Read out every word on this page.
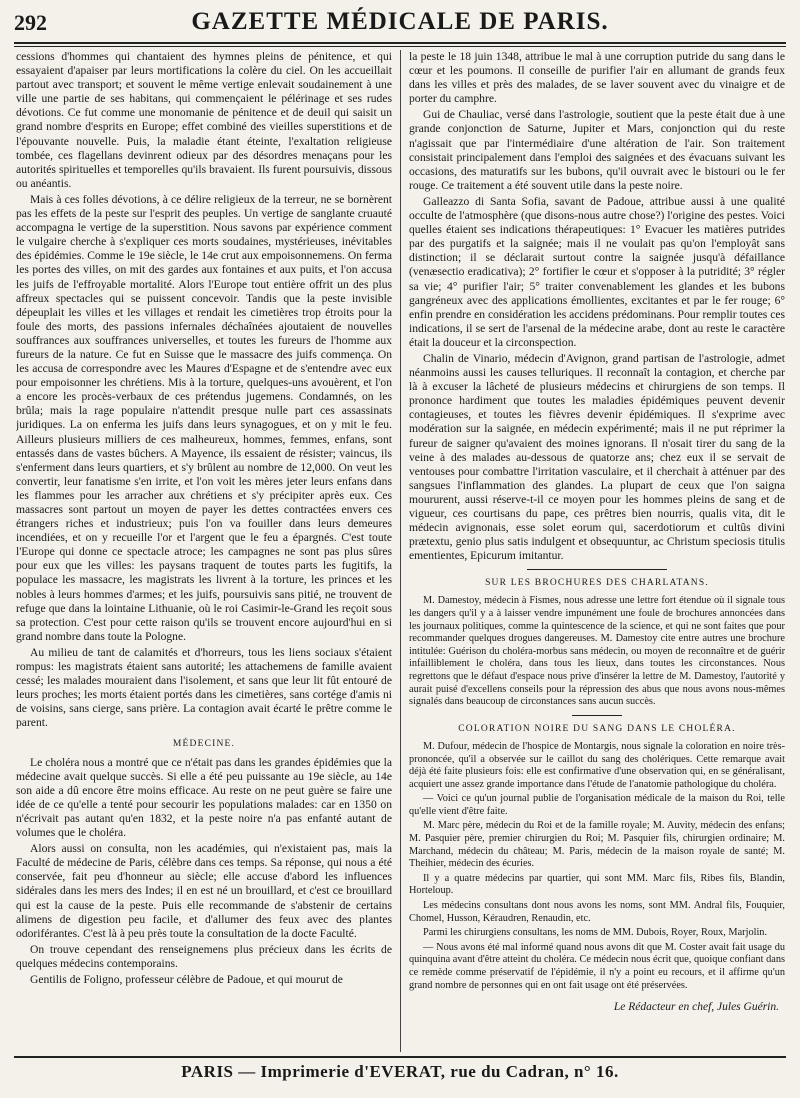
292	GAZETTE MÉDICALE DE PARIS.

cessions d'hommes qui chantaient des hymnes pleins de pénitence, et qui essayaient d'apaiser par leurs mortifications la colère du ciel. On les accueillait partout avec transport; et souvent le même vertige enlevait soudainement à une ville une partie de ses habitans, qui commençaient le pélérinage et ses rudes dévotions. Ce fut comme une monomanie de pénitence et de deuil qui saisit un grand nombre d'esprits en Europe; effet combiné des vieilles superstitions et de l'épouvante nouvelle. Puis, la maladie étant éteinte, l'exaltation religieuse tombée, ces flagellans devinrent odieux par des désordres menaçans pour les autorités spirituelles et temporelles qu'ils bravaient. Ils furent poursuivis, dissous ou anéantis.

Mais à ces folles dévotions, à ce délire religieux de la terreur, ne se bornèrent pas les effets de la peste sur l'esprit des peuples. Un vertige de sanglante cruauté accompagna le vertige de la superstition. Nous savons par expérience comment le vulgaire cherche à s'expliquer ces morts soudaines, mystérieuses, inévitables des épidémies. Comme le 19e siècle, le 14e crut aux empoisonnemens. On ferma les portes des villes, on mit des gardes aux fontaines et aux puits, et l'on accusa les juifs de l'effroyable mortalité. Alors l'Europe tout entière offrit un des plus affreux spectacles qui se puissent concevoir. Tandis que la peste invisible dépeuplait les villes et les villages et rendait les cimetières trop étroits pour la foule des morts, des passions infernales déchaînées ajoutaient de nouvelles souffrances aux souffrances universelles, et toutes les fureurs de l'homme aux fureurs de la nature. Ce fut en Suisse que le massacre des juifs commença. On les accusa de correspondre avec les Maures d'Espagne et de s'entendre avec eux pour empoisonner les chrétiens. Mis à la torture, quelques-uns avouèrent, et l'on a encore les procès-verbaux de ces prétendus jugemens. Condamnés, on les brûla; mais la rage populaire n'attendit presque nulle part ces assassinats juridiques. La on enferma les juifs dans leurs synagogues, et on y mit le feu. Ailleurs plusieurs milliers de ces malheureux, hommes, femmes, enfans, sont entassés dans de vastes bûchers. A Mayence, ils essaient de résister; vaincus, ils s'enferment dans leurs quartiers, et s'y brûlent au nombre de 12,000. On veut les convertir, leur fanatisme s'en irrite, et l'on voit les mères jeter leurs enfans dans les flammes pour les arracher aux chrétiens et s'y précipiter après eux. Ces massacres sont partout un moyen de payer les dettes contractées envers ces étrangers riches et industrieux; puis l'on va fouiller dans leurs demeures incendiées, et on y recueille l'or et l'argent que le feu a épargnés. C'est toute l'Europe qui donne ce spectacle atroce; les campagnes ne sont pas plus sûres pour eux que les villes: les paysans traquent de toutes parts les fugitifs, la populace les massacre, les magistrats les livrent à la torture, les princes et les nobles à leurs hommes d'armes; et les juifs, poursuivis sans pitié, ne trouvent de refuge que dans la lointaine Lithuanie, où le roi Casimir-le-Grand les reçoit sous sa protection. C'est pour cette raison qu'ils se trouvent encore aujourd'hui en si grand nombre dans toute la Pologne.

Au milieu de tant de calamités et d'horreurs, tous les liens sociaux s'étaient rompus: les magistrats étaient sans autorité; les attachemens de famille avaient cessé; les malades mouraient dans l'isolement, et sans que leur lit fût entouré de leurs proches; les morts étaient portés dans les cimetières, sans cortége d'amis ni de voisins, sans cierge, sans prière. La contagion avait écarté le prêtre comme le parent.

MÉDECINE.

Le choléra nous a montré que ce n'était pas dans les grandes épidémies que la médecine avait quelque succès. Si elle a été peu puissante au 19e siècle, au 14e son aide a dû encore être moins efficace. Au reste on ne peut guère se faire une idée de ce qu'elle a tenté pour secourir les populations malades: car en 1350 on n'écrivait pas autant qu'en 1832, et la peste noire n'a pas enfanté autant de volumes que le choléra.

Alors aussi on consulta, non les académies, qui n'existaient pas, mais la Faculté de médecine de Paris, célèbre dans ces temps. Sa réponse, qui nous a été conservée, fait peu d'honneur au siècle; elle accuse d'abord les influences sidérales dans les mers des Indes; il en est né un brouillard, et c'est ce brouillard qui est la cause de la peste. Puis elle recommande de s'abstenir de certains alimens de digestion peu facile, et d'allumer des feux avec des plantes odoriférantes. C'est là à peu près toute la consultation de la docte Faculté.

On trouve cependant des renseignemens plus précieux dans les écrits de quelques médecins contemporains.

Gentilis de Foligno, professeur célèbre de Padoue, et qui mourut de

la peste le 18 juin 1348, attribue le mal à une corruption putride du sang dans le cœur et les poumons. Il conseille de purifier l'air en allumant de grands feux dans les villes et près des malades, de se laver souvent avec du vinaigre et de porter du camphre.

Gui de Chauliac, versé dans l'astrologie, soutient que la peste était due à une grande conjonction de Saturne, Jupiter et Mars, conjonction qui du reste n'agissait que par l'intermédiaire d'une altération de l'air. Son traitement consistait principalement dans l'emploi des saignées et des évacuans suivant les occasions, des maturatifs sur les bubons, qu'il ouvrait avec le bistouri ou le fer rouge. Ce traitement a été souvent utile dans la peste noire.

Galleazzo di Santa Sofia, savant de Padoue, attribue aussi à une qualité occulte de l'atmosphère (que disons-nous autre chose?) l'origine des pestes. Voici quelles étaient ses indications thérapeutiques: 1° Evacuer les matières putrides par des purgatifs et la saignée; mais il ne voulait pas qu'on l'employât sans distinction; il se déclarait surtout contre la saignée jusqu'à défaillance (venæsectio eradicativa); 2° fortifier le cœur et s'opposer à la putridité; 3° régler sa vie; 4° purifier l'air; 5° traiter convenablement les glandes et les bubons gangréneux avec des applications émollientes, excitantes et par le fer rouge; 6° enfin prendre en considération les accidens prédominans. Pour remplir toutes ces indications, il se sert de l'arsenal de la médecine arabe, dont au reste le caractère était la douceur et la circonspection.

Chalin de Vinario, médecin d'Avignon, grand partisan de l'astrologie, admet néanmoins aussi les causes telluriques. Il reconnaît la contagion, et cherche par là à excuser la lâcheté de plusieurs médecins et chirurgiens de son temps. Il prononce hardiment que toutes les maladies épidémiques peuvent devenir contagieuses, et toutes les fièvres devenir épidémiques. Il s'exprime avec modération sur la saignée, en médecin expérimenté; mais il ne put réprimer la fureur de saigner qu'avaient des moines ignorans. Il n'osait tirer du sang de la veine à des malades au-dessous de quatorze ans; chez eux il se servait de ventouses pour combattre l'irritation vasculaire, et il cherchait à atténuer par des sangsues l'inflammation des glandes. La plupart de ceux que l'on saigna moururent, aussi réserve-t-il ce moyen pour les hommes pleins de sang et de vigueur, ces courtisans du pape, ces prêtres bien nourris, qualis vita, dit le médecin avignonais, esse solet eorum qui, sacerdotiorum et cultûs divini prætextu, genio plus satis indulgent et obsequuntur, ac Christum speciosis titulis ementientes, Epicurum imitantur.

SUR LES BROCHURES DES CHARLATANS.

M. Damestoy, médecin à Fismes, nous adresse une lettre fort étendue où il signale tous les dangers qu'il y a à laisser vendre impunément une foule de brochures annoncées dans les journaux politiques, comme la quintescence de la science, et qui ne sont faites que pour recommander quelques drogues dangereuses. M. Damestoy cite entre autres une brochure intitulée: Guérison du choléra-morbus sans médecin, ou moyen de reconnaître et de guérir infailliblement le choléra, dans tous les lieux, dans toutes les circonstances. Nous regrettons que le défaut d'espace nous prive d'insérer la lettre de M. Damestoy, l'autorité y aurait puisé d'excellens conseils pour la répression des abus que nous avons nous-mêmes signalés dans beaucoup de circonstances sans aucun succès.

COLORATION NOIRE DU SANG DANS LE CHOLÉRA.

M. Dufour, médecin de l'hospice de Montargis, nous signale la coloration en noire très-prononcée, qu'il a observée sur le caillot du sang des cholériques. Cette remarque avait déjà été faite plusieurs fois: elle est confirmative d'une observation qui, en se généralisant, acquiert une assez grande importance dans l'étude de l'anatomie pathologique du choléra.

— Voici ce qu'un journal publie de l'organisation médicale de la maison du Roi, telle qu'elle vient d'être faite.

M. Marc père, médecin du Roi et de la famille royale; M. Auvity, médecin des enfans; M. Pasquier père, premier chirurgien du Roi; M. Pasquier fils, chirurgien ordinaire; M. Marchand, médecin du château; M. Paris, médecin de la maison royale de santé; M. Theihier, médecin des écuries.

Il y a quatre médecins par quartier, qui sont MM. Marc fils, Ribes fils, Blandin, Horteloup.

Les médecins consultans dont nous avons les noms, sont MM. Andral fils, Fouquier, Chomel, Husson, Kéraudren, Renaudin, etc.

Parmi les chirurgiens consultans, les noms de MM. Dubois, Royer, Roux, Marjolin.

— Nous avons été mal informé quand nous avons dit que M. Coster avait fait usage du quinquina avant d'être atteint du choléra. Ce médecin nous écrit que, quoique confiant dans ce remède comme préservatif de l'épidémie, il n'y a point eu recours, et il affirme qu'un grand nombre de personnes qui en ont fait usage ont été préservées.

Le Rédacteur en chef, Jules Guérin.
PARIS — Imprimerie d'EVERAT, rue du Cadran, n° 16.
